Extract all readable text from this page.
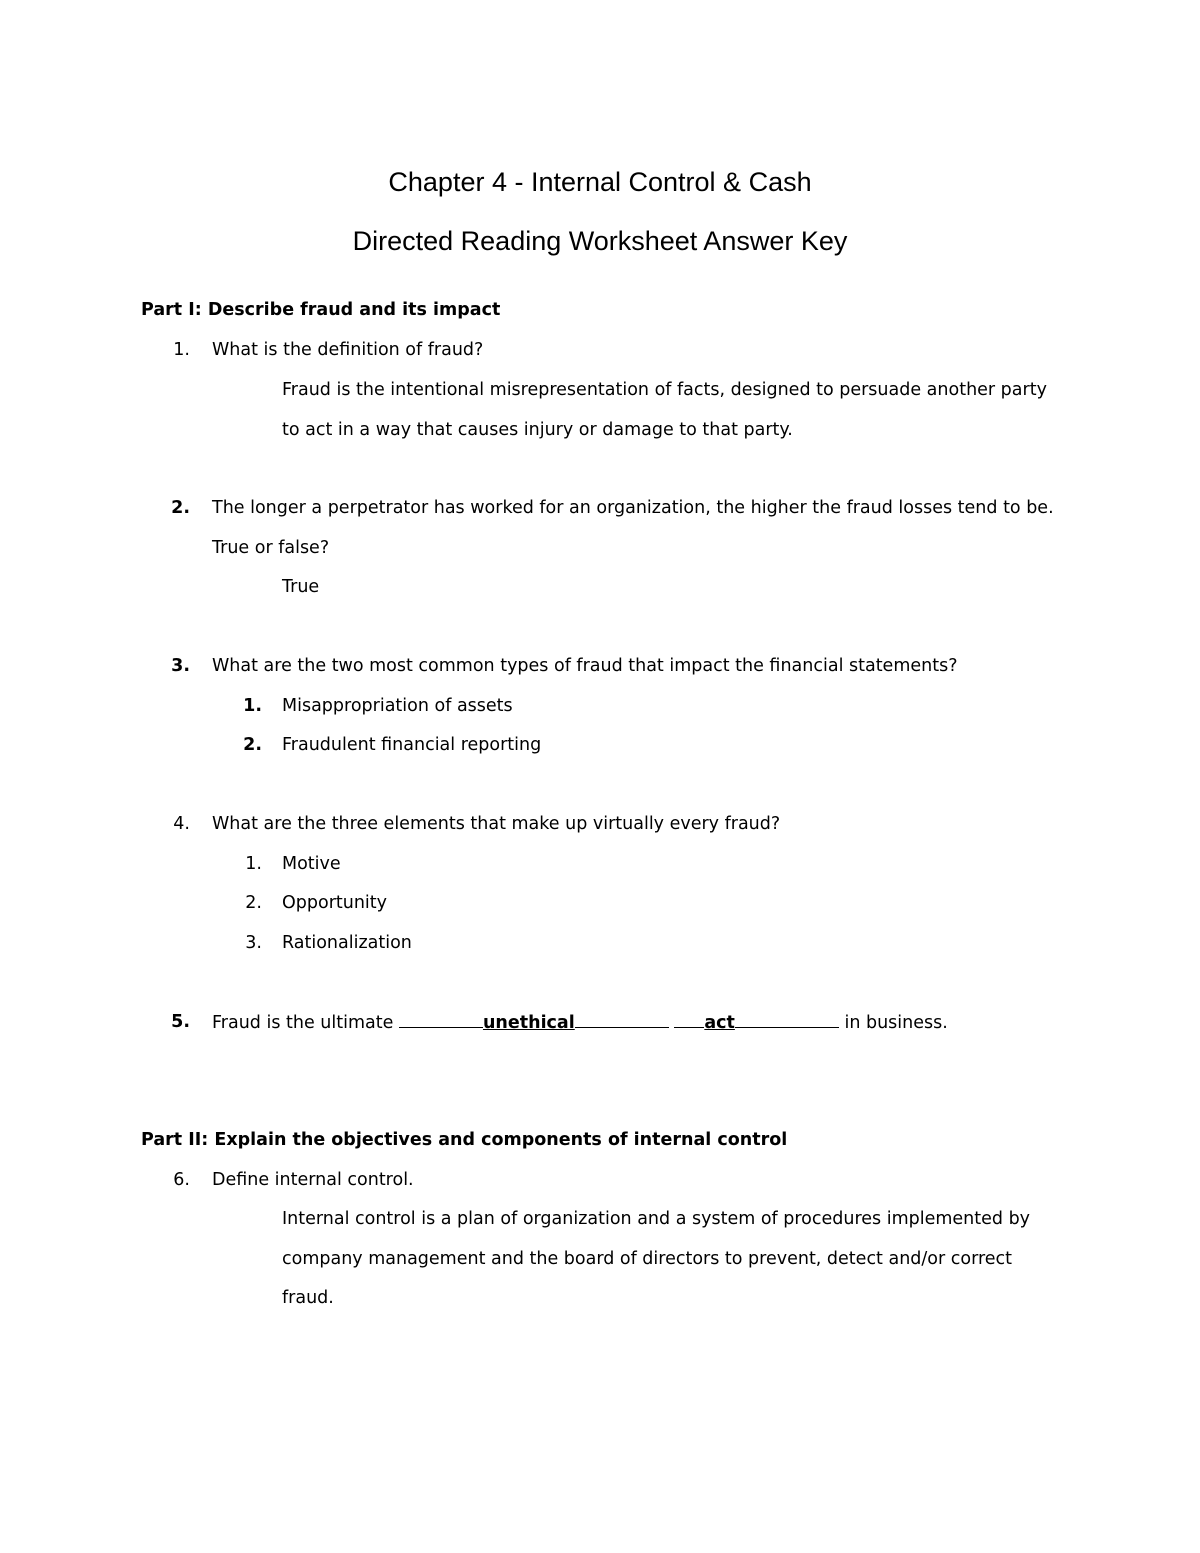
Chapter 4 - Internal Control & Cash
Directed Reading Worksheet Answer Key
Part I: Describe fraud and its impact
1. What is the definition of fraud?
Fraud is the intentional misrepresentation of facts, designed to persuade another party
to act in a way that causes injury or damage to that party.
2. The longer a perpetrator has worked for an organization, the higher the fraud losses tend to be.
True or false?
True
3. What are the two most common types of fraud that impact the financial statements?
1. Misappropriation of assets
2. Fraudulent financial reporting
4. What are the three elements that make up virtually every fraud?
1. Motive
2. Opportunity
3. Rationalization
5. Fraud is the ultimate	unethical	act	in business.
Part II: Explain the objectives and components of internal control
6. Define internal control.
Internal control is a plan of organization and a system of procedures implemented by
company management and the board of directors to prevent, detect and/or correct
fraud.
